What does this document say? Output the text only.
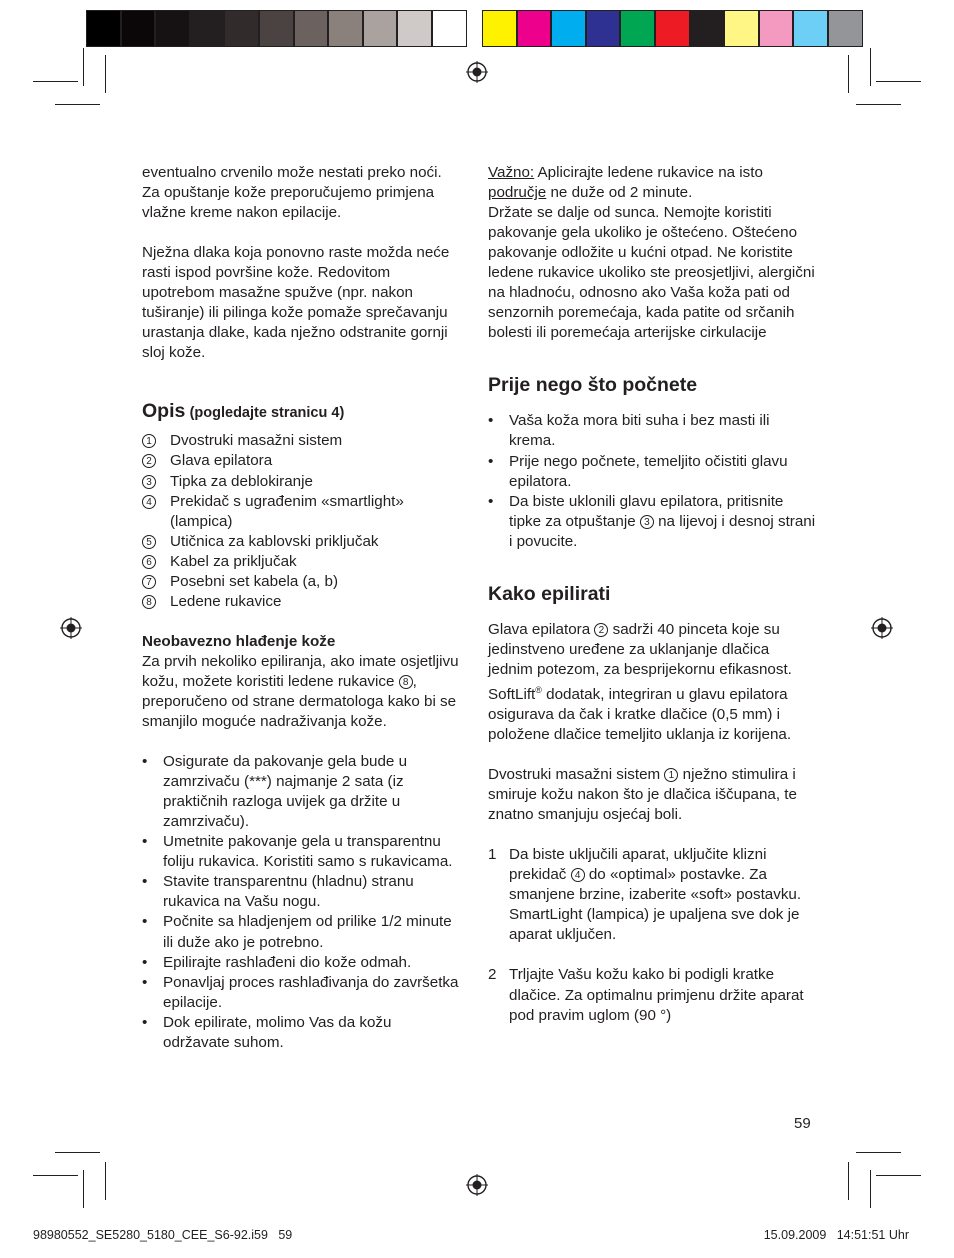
eventualno crvenilo može nestati preko noći. Za opuštanje kože preporučujemo primjena vlažne kreme nakon epilacije.

Nježna dlaka koja ponovno raste možda neće rasti ispod površine kože. Redovitom upotrebom masažne spužve (npr. nakon tuširanje) ili pilinga kože pomaže sprečavanju urastanja dlake, kada nježno odstranite gornji sloj kože.

Opis (pogledajte stranicu 4)

1 Dvostruki masažni sistem
2 Glava epilatora
3 Tipka za deblokiranje
4 Prekidač s ugrađenim «smartlight» (lampica)
5 Utičnica za kablovski priključak
6 Kabel za priključak
7 Posebni set kabela (a, b)
8 Ledene rukavice

Neobavezno hlađenje kože

Za prvih nekoliko epiliranja, ako imate osjetljivu kožu, možete koristiti ledene rukavice 8 , preporučeno od strane dermatologa kako bi se smanjilo moguće nadraživanja kože.

• Osigurate da pakovanje gela bude u zamrzivaču (***) najmanje 2 sata (iz praktičnih razloga uvijek ga držite u zamrzivaču).
• Umetnite pakovanje gela u transparentnu foliju rukavica. Koristiti samo s rukavicama.
• Stavite transparentnu (hladnu) stranu rukavica na Vašu nogu.
• Počnite sa hladjenjem od prilike 1/2 minute ili duže ako je potrebno.
• Epilirajte rashlađeni dio kože odmah.
• Ponavljaj proces rashlađivanja do završetka epilacije.
• Dok epilirate, molimo Vas da kožu održavate suhom.

Važno: Aplicirajte ledene rukavice na isto
područje ne duže od 2 minute.
Držate se dalje od sunca. Nemojte koristiti pakovanje gela ukoliko je oštećeno. Oštećeno pakovanje odložite u kućni otpad. Ne koristite ledene rukavice ukoliko ste preosjetljivi, alergični na hladnoću, odnosno ako Vaša koža pati od senzornih poremećaja, kada patite od srčanih bolesti ili poremećaja arterijske cirkulacije

Prije nego što počnete

• Vaša koža mora biti suha i bez masti ili krema.
• Prije nego počnete, temeljito očistiti glavu epilatora.
• Da biste uklonili glavu epilatora, pritisnite tipke za otpuštanje 3 na lijevoj i desnoj strani i povucite.

Kako epilirati

Glava epilatora 2 sadrži 40 pinceta koje su jedinstveno uređene za uklanjanje dlačica jednim potezom, za besprijekornu efikasnost. SoftLift® dodatak, integriran u glavu epilatora osigurava da čak i kratke dlačice (0,5 mm) i položene dlačice temeljito uklanja iz korijena.

Dvostruki masažni sistem 1 nježno stimulira i smiruje kožu nakon što je dlačica iščupana, te znatno smanjuju osjećaj boli.

1 Da biste uključili aparat, uključite klizni prekidač 4 do «optimal» postavke. Za smanjene brzine, izaberite «soft» postavku. SmartLight (lampica) je upaljena sve dok je aparat uključen.
2 Trljajte Vašu kožu kako bi podigli kratke dlačice. Za optimalnu primjenu držite aparat pod pravim uglom (90 °)
59
98980552_SE5280_5180_CEE_S6-92.i59   59	15.09.2009   14:51:51 Uhr
